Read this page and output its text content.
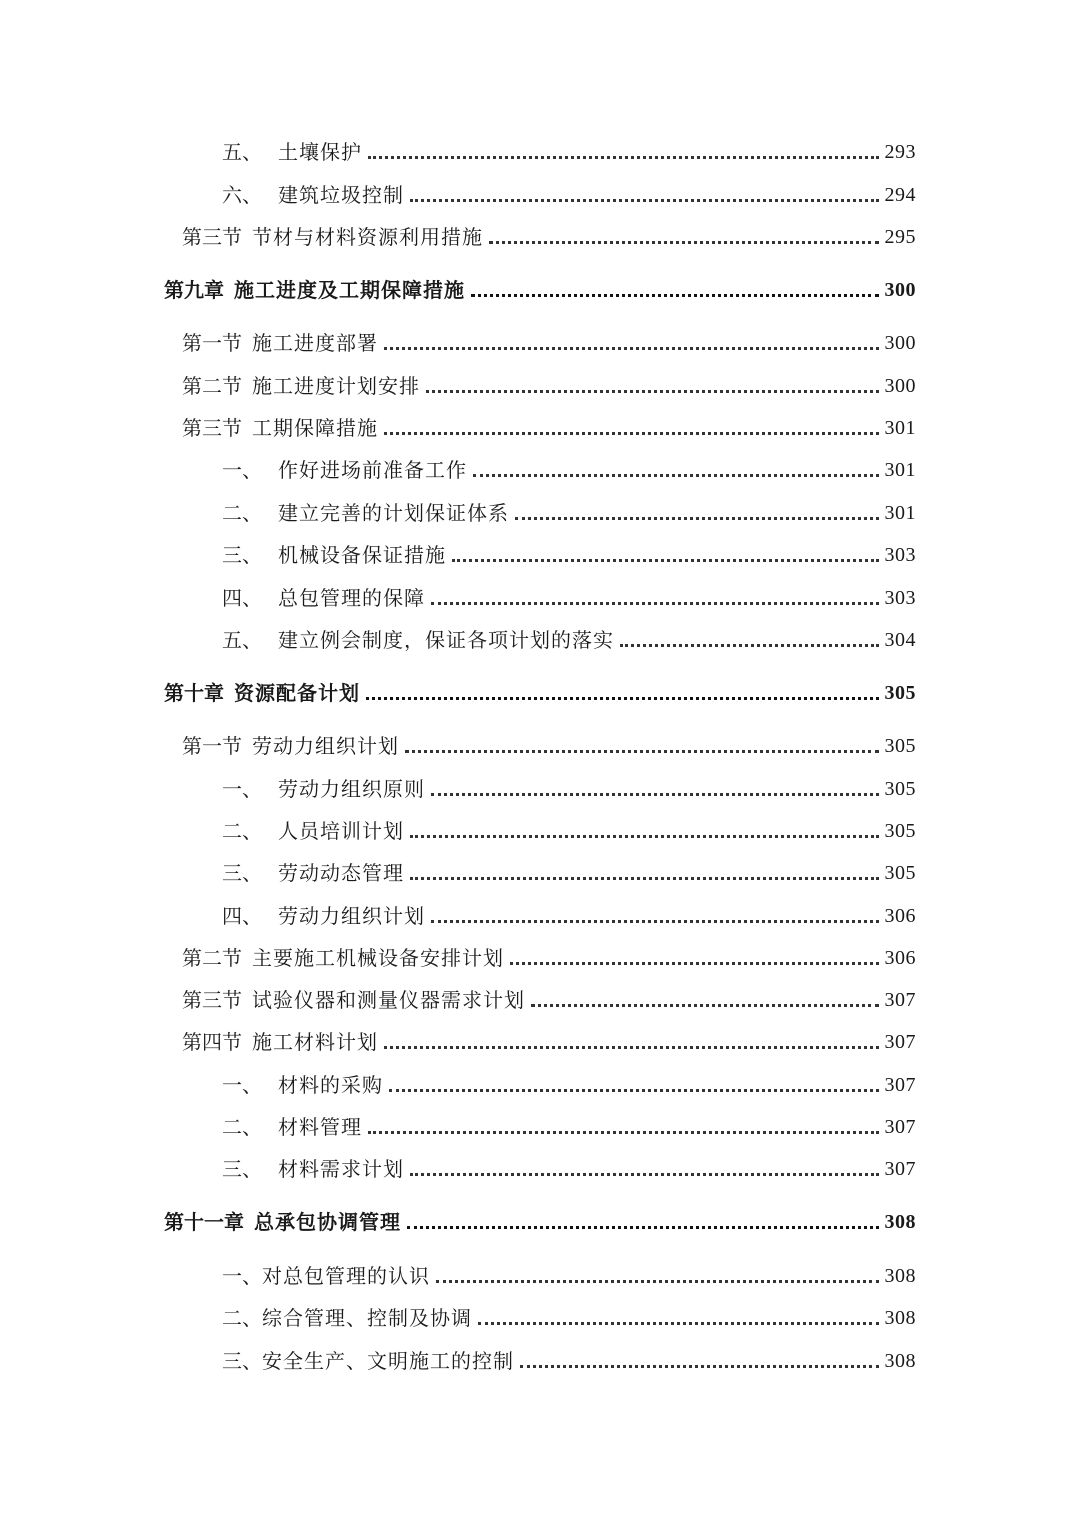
五、 土壤保护	293
六、 建筑垃圾控制	294
第三节 节材与材料资源利用措施	295
第九章 施工进度及工期保障措施	300
第一节 施工进度部署	300
第二节 施工进度计划安排	300
第三节 工期保障措施	301
一、 作好进场前准备工作	301
二、 建立完善的计划保证体系	301
三、 机械设备保证措施	303
四、 总包管理的保障	303
五、 建立例会制度，保证各项计划的落实	304
第十章 资源配备计划	305
第一节 劳动力组织计划	305
一、 劳动力组织原则	305
二、 人员培训计划	305
三、 劳动动态管理	305
四、 劳动力组织计划	306
第二节 主要施工机械设备安排计划	306
第三节 试验仪器和测量仪器需求计划	307
第四节 施工材料计划	307
一、 材料的采购	307
二、 材料管理	307
三、 材料需求计划	307
第十一章 总承包协调管理	308
一、 对总包管理的认识	308
二、 综合管理、控制及协调	308
三、 安全生产、文明施工的控制	308
